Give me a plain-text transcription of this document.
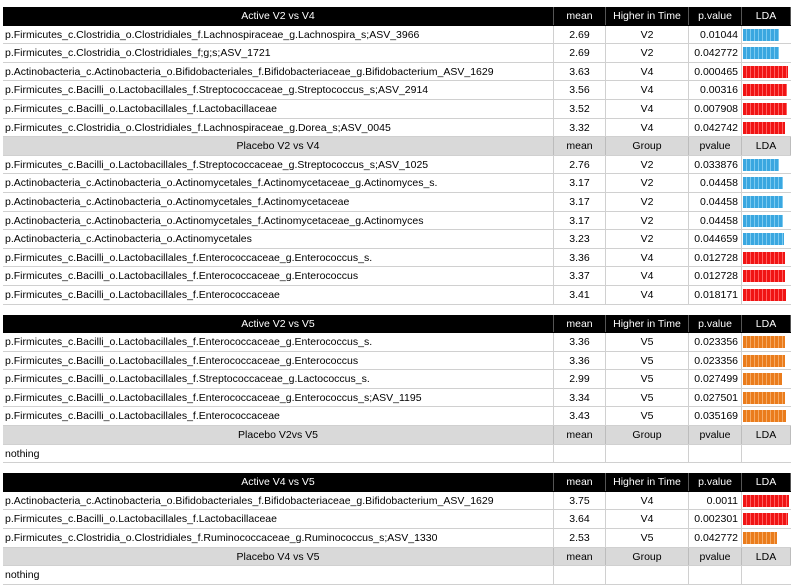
Active V2 vs V4	mean	Higher in Time	p.value	LDA
p.Firmicutes_c.Clostridia_o.Clostridiales_f.Lachnospiraceae_g.Lachnospira_s;ASV_3966	2.69	V2	0.01044
p.Firmicutes_c.Clostridia_o.Clostridiales_f;g;s;ASV_1721	2.69	V2	0.042772
p.Actinobacteria_c.Actinobacteria_o.Bifidobacteriales_f.Bifidobacteriaceae_g.Bifidobacterium_ASV_1629	3.63	V4	0.000465
p.Firmicutes_c.Bacilli_o.Lactobacillales_f.Streptococcaceae_g.Streptococcus_s;ASV_2914	3.56	V4	0.00316
p.Firmicutes_c.Bacilli_o.Lactobacillales_f.Lactobacillaceae	3.52	V4	0.007908
p.Firmicutes_c.Clostridia_o.Clostridiales_f.Lachnospiraceae_g.Dorea_s;ASV_0045	3.32	V4	0.042742
Placebo V2 vs V4	mean	Group	pvalue	LDA
p.Firmicutes_c.Bacilli_o.Lactobacillales_f.Streptococcaceae_g.Streptococcus_s;ASV_1025	2.76	V2	0.033876
p.Actinobacteria_c.Actinobacteria_o.Actinomycetales_f.Actinomycetaceae_g.Actinomyces_s.	3.17	V2	0.04458
p.Actinobacteria_c.Actinobacteria_o.Actinomycetales_f.Actinomycetaceae	3.17	V2	0.04458
p.Actinobacteria_c.Actinobacteria_o.Actinomycetales_f.Actinomycetaceae_g.Actinomyces	3.17	V2	0.04458
p.Actinobacteria_c.Actinobacteria_o.Actinomycetales	3.23	V2	0.044659
p.Firmicutes_c.Bacilli_o.Lactobacillales_f.Enterococcaceae_g.Enterococcus_s.	3.36	V4	0.012728
p.Firmicutes_c.Bacilli_o.Lactobacillales_f.Enterococcaceae_g.Enterococcus	3.37	V4	0.012728
p.Firmicutes_c.Bacilli_o.Lactobacillales_f.Enterococcaceae	3.41	V4	0.018171
Active V2 vs V5	mean	Higher in Time	p.value	LDA
p.Firmicutes_c.Bacilli_o.Lactobacillales_f.Enterococcaceae_g.Enterococcus_s.	3.36	V5	0.023356
p.Firmicutes_c.Bacilli_o.Lactobacillales_f.Enterococcaceae_g.Enterococcus	3.36	V5	0.023356
p.Firmicutes_c.Bacilli_o.Lactobacillales_f.Streptococcaceae_g.Lactococcus_s.	2.99	V5	0.027499
p.Firmicutes_c.Bacilli_o.Lactobacillales_f.Enterococcaceae_g.Enterococcus_s;ASV_1195	3.34	V5	0.027501
p.Firmicutes_c.Bacilli_o.Lactobacillales_f.Enterococcaceae	3.43	V5	0.035169
Placebo V2vs V5	mean	Group	pvalue	LDA
nothing
Active V4 vs V5	mean	Higher in Time	p.value	LDA
p.Actinobacteria_c.Actinobacteria_o.Bifidobacteriales_f.Bifidobacteriaceae_g.Bifidobacterium_ASV_1629	3.75	V4	0.0011
p.Firmicutes_c.Bacilli_o.Lactobacillales_f.Lactobacillaceae	3.64	V4	0.002301
p.Firmicutes_c.Clostridia_o.Clostridiales_f.Ruminococcaceae_g.Ruminococcus_s;ASV_1330	2.53	V5	0.042772
Placebo V4 vs V5	mean	Group	pvalue	LDA
nothing
